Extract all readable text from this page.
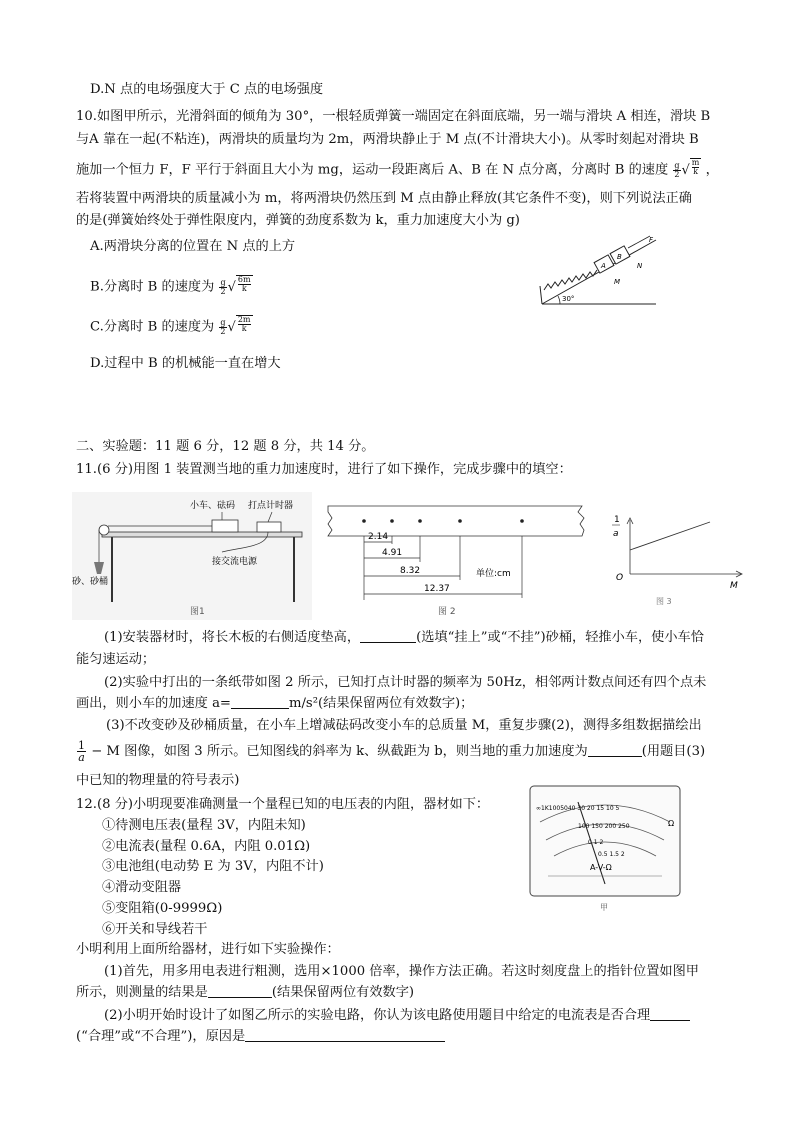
D.N 点的电场强度大于 C 点的电场强度
10.如图甲所示，光滑斜面的倾角为 30°，一根轻质弹簧一端固定在斜面底端，另一端与滑块 A 相连，滑块 B
与A 靠在一起(不粘连)，两滑块的质量均为 2m，两滑块静止于 M 点(不计滑块大小)。从零时刻起对滑块 B
施加一个恒力 F，F 平行于斜面且大小为 mg，运动一段距离后 A、B 在 N 点分离，分离时 B 的速度 $\frac{g}{2}$ √ $\frac{m}{k}$ ，
若将装置中两滑块的质量减小为 m，将两滑块仍然压到 M 点由静止释放(其它条件不变)，则下列说法正确
的是(弹簧始终处于弹性限度内，弹簧的劲度系数为 k，重力加速度大小为 g)
A.两滑块分离的位置在 N 点的上方
B.分离时 B 的速度为 $\frac{g}{2}$ √ $\frac{6m}{k}$
C.分离时 B 的速度为 $\frac{g}{2}$ √ $\frac{2m}{k}$
D.过程中 B 的机械能一直在增大
A
B
F
N
M
30°
二、实验题：11 题 6 分，12 题 8 分，共 14 分。
11.(6 分)用图 1 装置测当地的重力加速度时，进行了如下操作，完成步骤中的填空：
小车、砝码 打点计时器
接交流电源
砂、砂桶
图1
2.14
4.91
8.32
12.37
单位:cm
图 2
1
a
O
M
图 3
(1)安装器材时，将长木板的右侧适度垫高，	(选填“挂上”或“不挂”)砂桶，轻推小车，使小车恰
能匀速运动；
(2)实验中打出的一条纸带如图 2 所示，已知打点计时器的频率为 50Hz，相邻两计数点间还有四个点未
画出，则小车的加速度 a=	m/s²(结果保留两位有效数字)；
(3)不改变砂及砂桶质量，在小车上增减砝码改变小车的总质量 M，重复步骤(2)，测得多组数据描绘出
$\frac{1}{a} - M$ 图像，如图 3 所示。已知图线的斜率为 k、纵截距为 b，则当地的重力加速度为	(用题目(3)
中已知的物理量的符号表示)
12.(8 分)小明现要准确测量一个量程已知的电压表的内阻，器材如下：
①待测电压表(量程 3V，内阻未知)
②电流表(量程 0.6A，内阻 0.01Ω)
③电池组(电动势 E 为 3V，内阻不计)
④滑动变阻器
⑤变阻箱(0-9999Ω)
⑥开关和导线若干
小明利用上面所给器材，进行如下实验操作：
(1)首先，用多用电表进行粗测，选用×1000 倍率，操作方法正确。若这时刻度盘上的指针位置如图甲
所示，则测量的结果是	(结果保留两位有效数字)
(2)小明开始时设计了如图乙所示的实验电路，你认为该电路使用题目中给定的电流表是否合理
(“合理”或“不合理”)，原因是
∞1K1005040 30 20 15 10 5
Ω
100 150 200 250
0 1 2
0.5 1.5 2
A-V-Ω
甲
